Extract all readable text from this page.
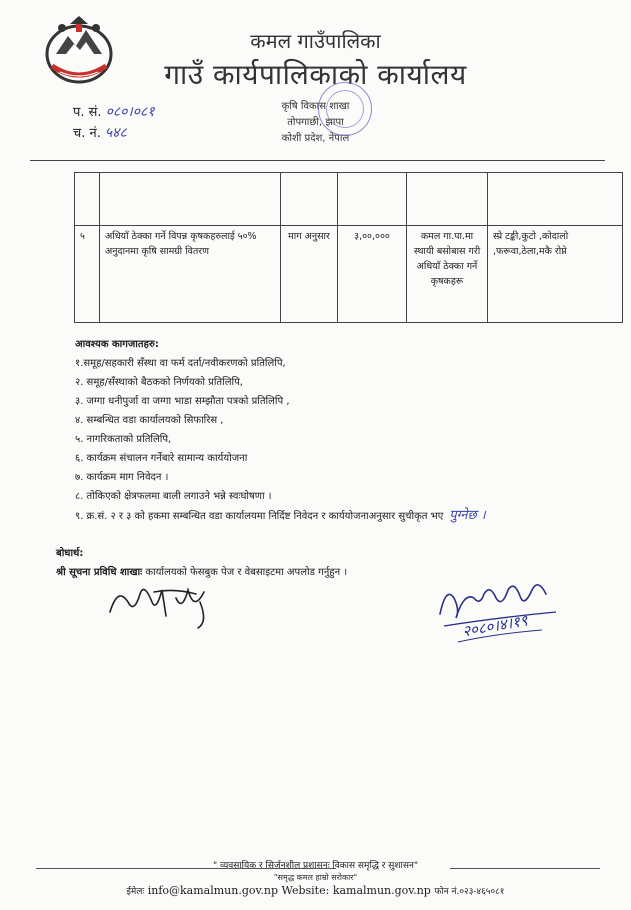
कमल गाउँपालिका
गाउँ कार्यपालिकाको कार्यालय
कृषि विकास शाखा
तोपगाछी, झापा
कोशी प्रदेश, नेपाल
प. सं. ०८०।०८१
च. नं. ५४८

५	अधियाँ ठेक्का गर्ने विपन्न कृषकहरुलाई ५०% अनुदानमा कृषि सामग्री वितरण	माग अनुसार	३,००,०००	कमल गा.पा.मा स्थायी बसोबास गरी अधियाँ ठेक्का गर्ने कृषकहरू	स्प्रे टङ्की,कुटो ,कोदालो ,फरूवा,ठेला,मकै रोप्ने
आवश्यक कागजातहरु:
१.समूह/सहकारी सँस्था वा फर्म दर्ता/नवीकरणको प्रतिलिपि,
२. समूह/सँस्थाको बैठकको निर्णयको प्रतिलिपि,
३. जग्गा धनीपुर्जा वा जग्गा भाडा सम्झौता पत्रको प्रतिलिपि ,
४. सम्बन्धित वडा कार्यालयको सिफारिस ,
५. नागरिकताको प्रतिलिपि,
६. कार्यक्रम संचालन गर्नेबारे सामान्य कार्ययोजना
७. कार्यक्रम माग निवेदन ।
८. तोकिएको क्षेत्रफलमा बाली लगाउने भन्ने स्वःघोषणा ।
९. क्र.सं. २ र ३ को हकमा सम्बन्धित वडा कार्यालयमा निर्दिष्ट निवेदन र कार्ययोजनाअनुसार सुचीकृत भए पुग्नेछ ।
बोधार्थ:
श्री सूचना प्रविधि शाखाः कार्यालयको फेसबुक पेज र वेबसाइटमा अपलोड गर्नुहुन ।
२०८०।४।१९
" व्यवसायिक र सिर्जनशील प्रशासनः विकास समृद्धि र सुशासन"
"समृद्ध कमल हाम्रो सरोकार"
ईमेलः info@kamalmun.gov.np Website: kamalmun.gov.np फोन नं.०२३-४६५०८१
